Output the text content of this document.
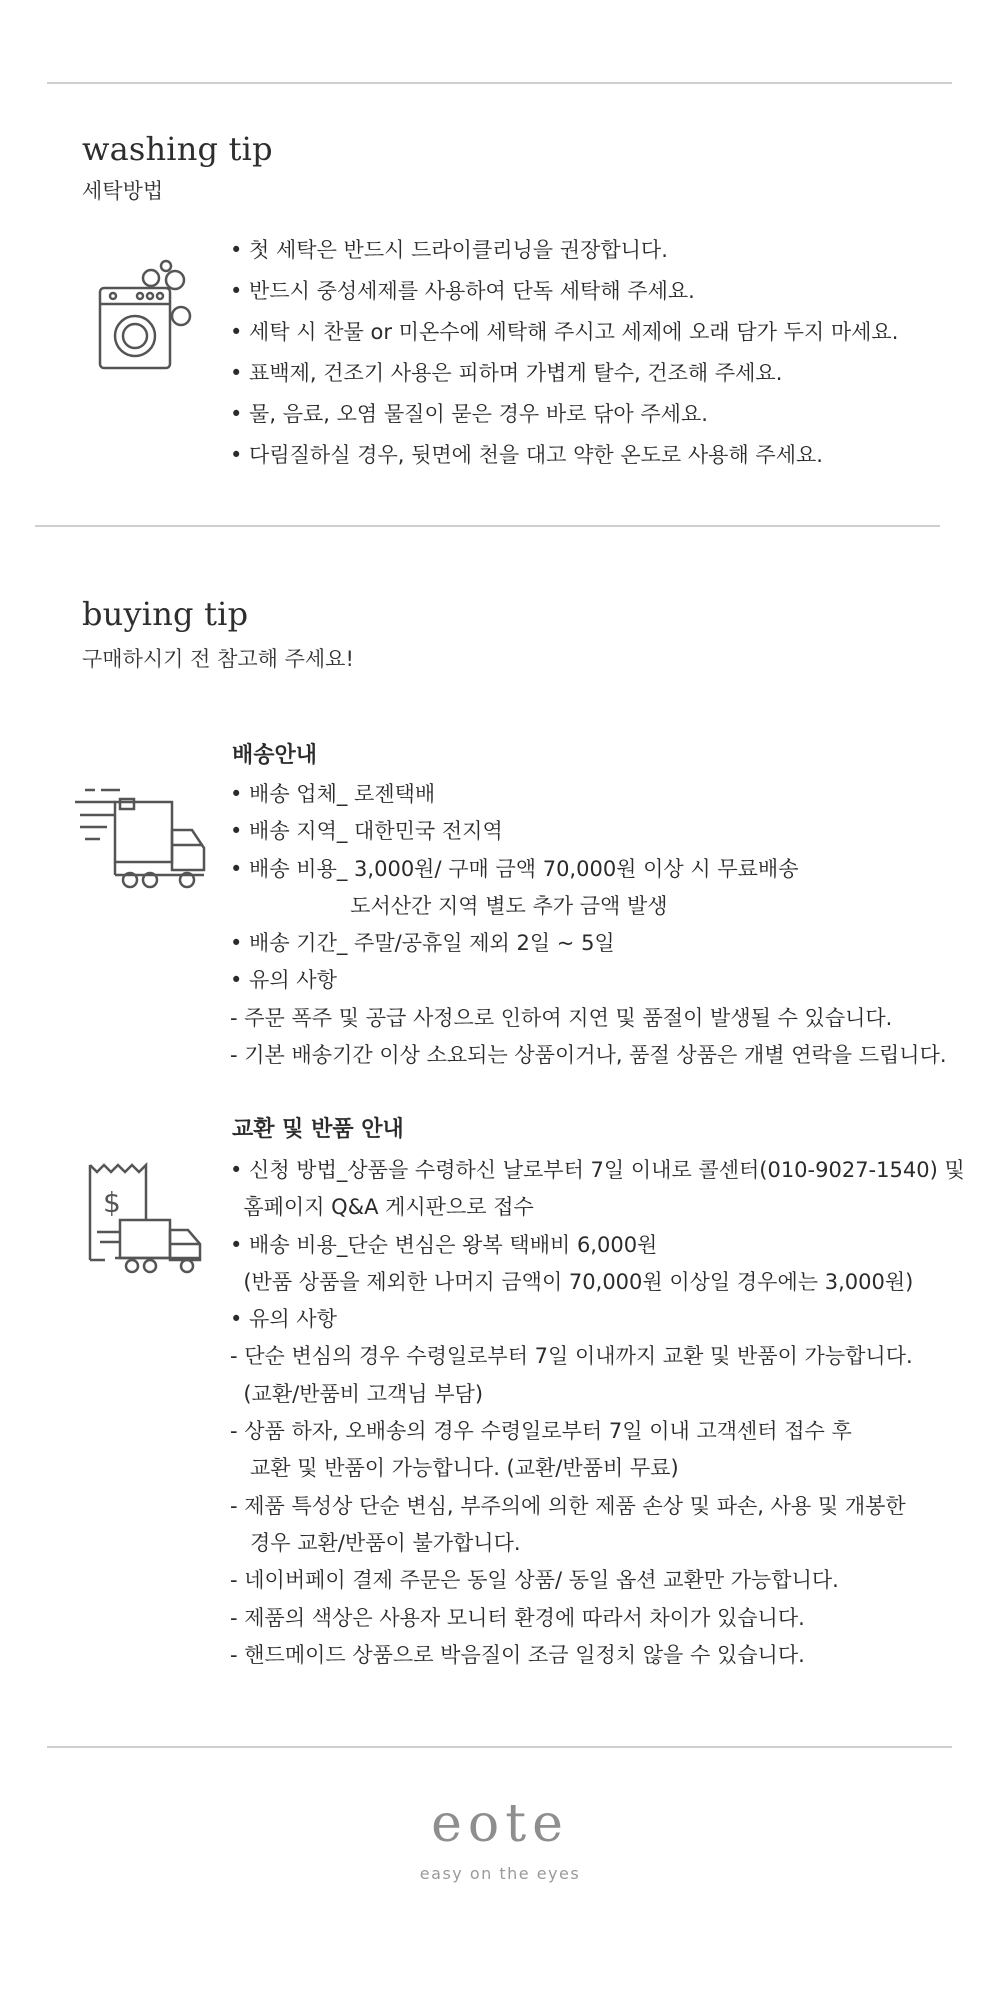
washing tip
세탁방법
• 첫 세탁은 반드시 드라이클리닝을 권장합니다.
• 반드시 중성세제를 사용하여 단독 세탁해 주세요.
• 세탁 시 찬물 or 미온수에 세탁해 주시고 세제에 오래 담가 두지 마세요.
• 표백제, 건조기 사용은 피하며 가볍게 탈수, 건조해 주세요.
• 물, 음료, 오염 물질이 묻은 경우 바로 닦아 주세요.
• 다림질하실 경우, 뒷면에 천을 대고 약한 온도로 사용해 주세요.
buying tip
구매하시기 전 참고해 주세요!
배송안내
• 배송 업체_ 로젠택배
• 배송 지역_ 대한민국 전지역
• 배송 비용_ 3,000원/ 구매 금액 70,000원 이상 시 무료배송
도서산간 지역 별도 추가 금액 발생
• 배송 기간_ 주말/공휴일 제외 2일 ~ 5일
• 유의 사항
- 주문 폭주 및 공급 사정으로 인하여 지연 및 품절이 발생될 수 있습니다.
- 기본 배송기간 이상 소요되는 상품이거나, 품절 상품은 개별 연락을 드립니다.
교환 및 반품 안내
$
• 신청 방법_상품을 수령하신 날로부터 7일 이내로 콜센터(010-9027-1540) 및
홈페이지 Q&A 게시판으로 접수
• 배송 비용_단순 변심은 왕복 택배비 6,000원
(반품 상품을 제외한 나머지 금액이 70,000원 이상일 경우에는 3,000원)
• 유의 사항
- 단순 변심의 경우 수령일로부터 7일 이내까지 교환 및 반품이 가능합니다.
(교환/반품비 고객님 부담)
- 상품 하자, 오배송의 경우 수령일로부터 7일 이내 고객센터 접수 후
교환 및 반품이 가능합니다. (교환/반품비 무료)
- 제품 특성상 단순 변심, 부주의에 의한 제품 손상 및 파손, 사용 및 개봉한
경우 교환/반품이 불가합니다.
- 네이버페이 결제 주문은 동일 상품/ 동일 옵션 교환만 가능합니다.
- 제품의 색상은 사용자 모니터 환경에 따라서 차이가 있습니다.
- 핸드메이드 상품으로 박음질이 조금 일정치 않을 수 있습니다.
eote
easy on the eyes
